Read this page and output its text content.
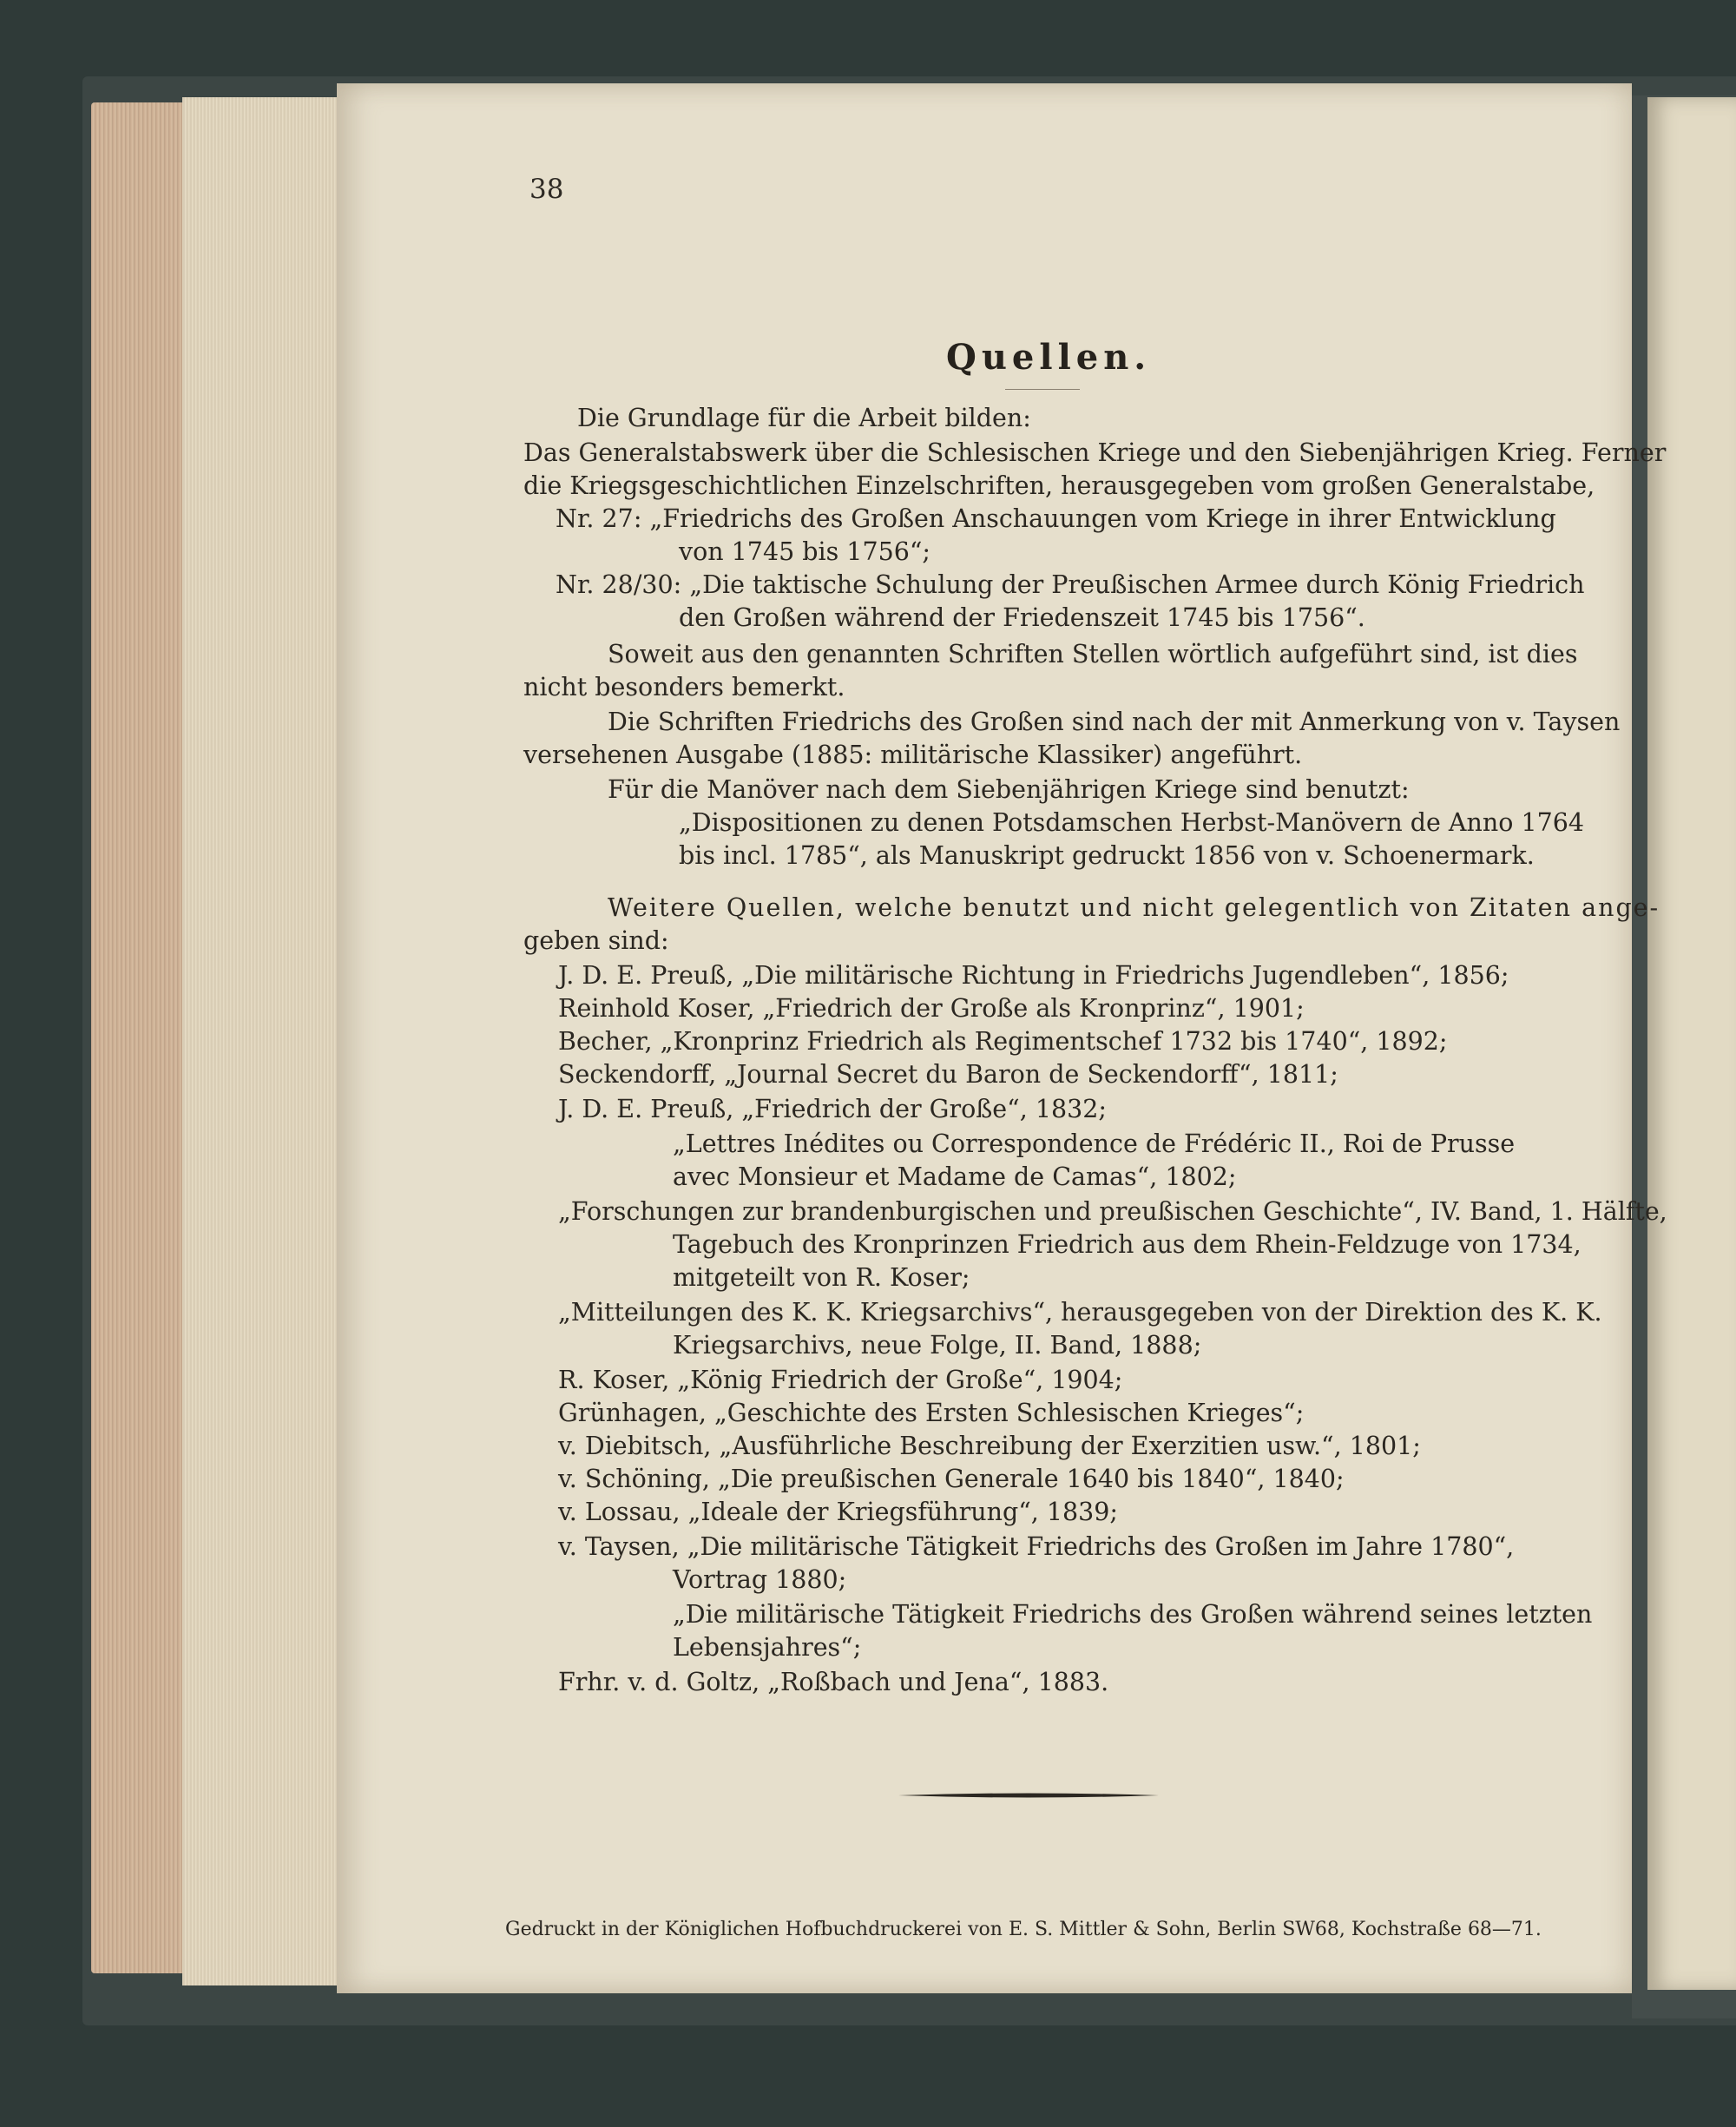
38
Quellen.
Die Grundlage für die Arbeit bilden:
Das Generalstabswerk über die Schlesischen Kriege und den Siebenjährigen Krieg. Ferner
die Kriegsgeschichtlichen Einzelschriften, herausgegeben vom großen Generalstabe,
Nr. 27: „Friedrichs des Großen Anschauungen vom Kriege in ihrer Entwicklung
von 1745 bis 1756“;
Nr. 28/30: „Die taktische Schulung der Preußischen Armee durch König Friedrich
den Großen während der Friedenszeit 1745 bis 1756“.
Soweit aus den genannten Schriften Stellen wörtlich aufgeführt sind, ist dies
nicht besonders bemerkt.
Die Schriften Friedrichs des Großen sind nach der mit Anmerkung von v. Taysen
versehenen Ausgabe (1885: militärische Klassiker) angeführt.
Für die Manöver nach dem Siebenjährigen Kriege sind benutzt:
„Dispositionen zu denen Potsdamschen Herbst-Manövern de Anno 1764
bis incl. 1785“, als Manuskript gedruckt 1856 von v. Schoenermark.
Weitere Quellen, welche benutzt und nicht gelegentlich von Zitaten ange-
geben sind:
J. D. E. Preuß, „Die militärische Richtung in Friedrichs Jugendleben“, 1856;
Reinhold Koser, „Friedrich der Große als Kronprinz“, 1901;
Becher, „Kronprinz Friedrich als Regimentschef 1732 bis 1740“, 1892;
Seckendorff, „Journal Secret du Baron de Seckendorff“, 1811;
J. D. E. Preuß, „Friedrich der Große“, 1832;
„Lettres Inédites ou Correspondence de Frédéric II., Roi de Prusse
avec Monsieur et Madame de Camas“, 1802;
„Forschungen zur brandenburgischen und preußischen Geschichte“, IV. Band, 1. Hälfte,
Tagebuch des Kronprinzen Friedrich aus dem Rhein-Feldzuge von 1734,
mitgeteilt von R. Koser;
„Mitteilungen des K. K. Kriegsarchivs“, herausgegeben von der Direktion des K. K.
Kriegsarchivs, neue Folge, II. Band, 1888;
R. Koser, „König Friedrich der Große“, 1904;
Grünhagen, „Geschichte des Ersten Schlesischen Krieges“;
v. Diebitsch, „Ausführliche Beschreibung der Exerzitien usw.“, 1801;
v. Schöning, „Die preußischen Generale 1640 bis 1840“, 1840;
v. Lossau, „Ideale der Kriegsführung“, 1839;
v. Taysen, „Die militärische Tätigkeit Friedrichs des Großen im Jahre 1780“,
Vortrag 1880;
„Die militärische Tätigkeit Friedrichs des Großen während seines letzten
Lebensjahres“;
Frhr. v. d. Goltz, „Roßbach und Jena“, 1883.
Gedruckt in der Königlichen Hofbuchdruckerei von E. S. Mittler & Sohn, Berlin SW68, Kochstraße 68—71.
